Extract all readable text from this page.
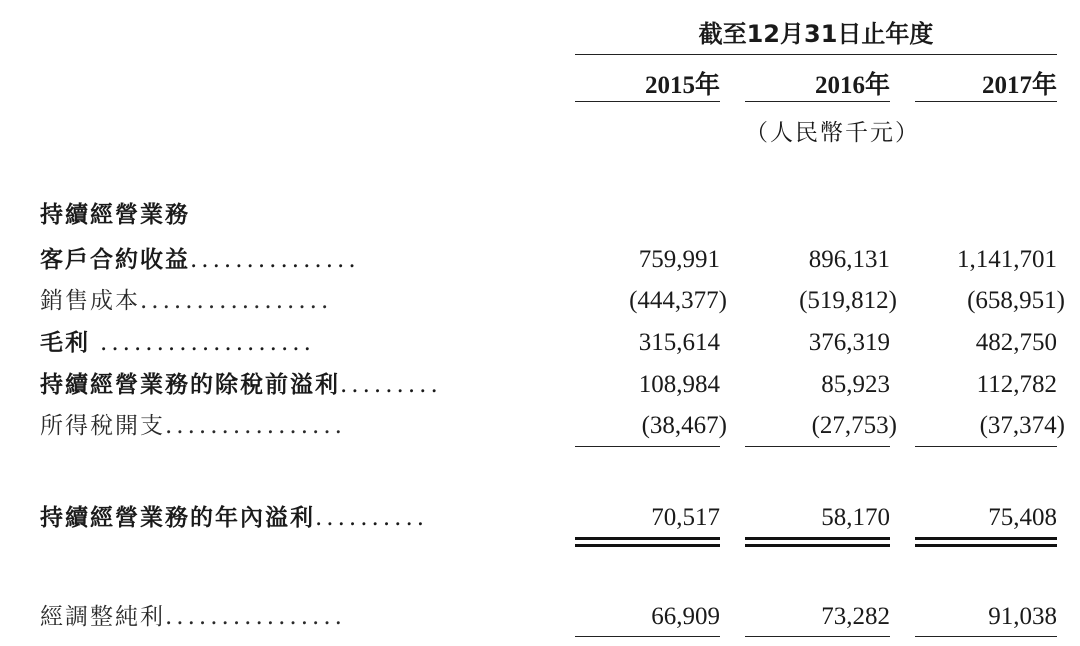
截至12月31日止年度
2015年	2016年	2017年
（人民幣千元）
持續經營業務
客戶合約收益...............	759,991	896,131	1,141,701
銷售成本.................	(444,377)	(519,812)	(658,951)
毛利 ...................	315,614	376,319	482,750
持續經營業務的除稅前溢利.........	108,984	85,923	112,782
所得稅開支................	(38,467)	(27,753)	(37,374)
持續經營業務的年內溢利..........	70,517	58,170	75,408
經調整純利................	66,909	73,282	91,038
